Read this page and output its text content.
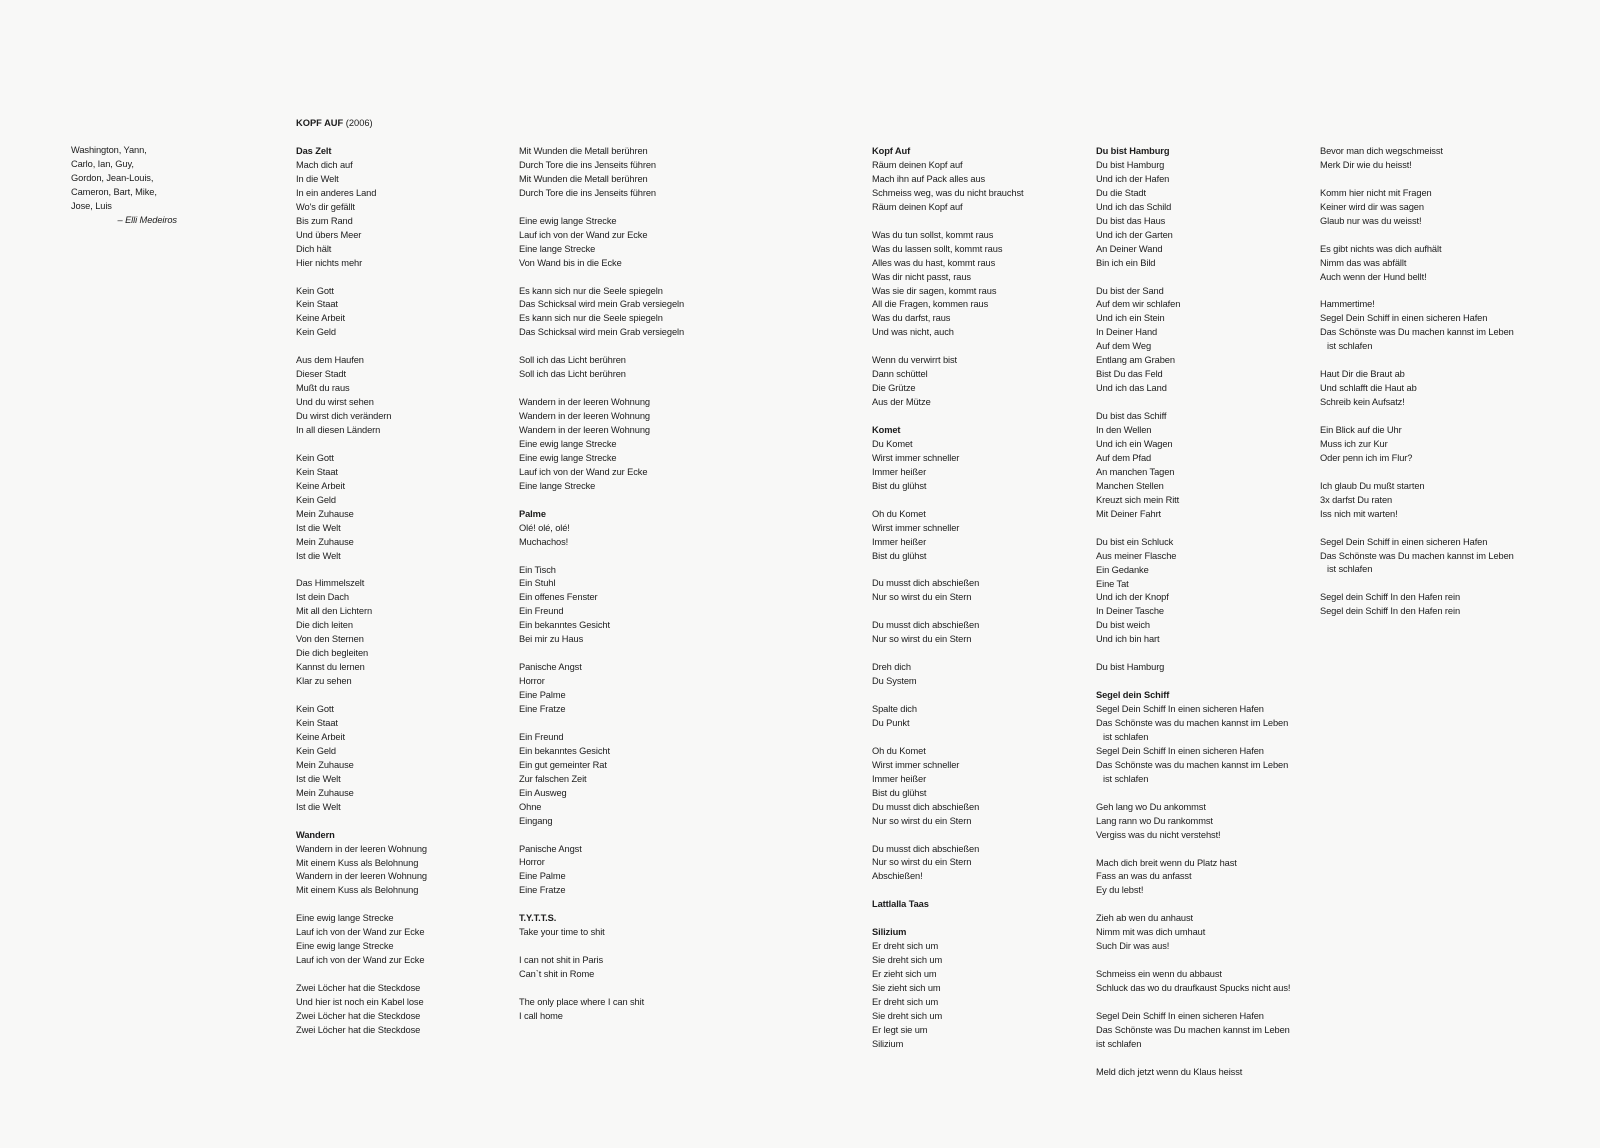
Washington, Yann,
Carlo, Ian, Guy,
Gordon, Jean-Louis,
Cameron, Bart, Mike,
Jose, Luis
– Elli Medeiros
KOPF AUF (2006)
Das Zelt
Mach dich auf
In die Welt
In ein anderes Land
Wo's dir gefällt
Bis zum Rand
Und übers Meer
Dich hält
Hier nichts mehr
Kein Gott
Kein Staat
Keine Arbeit
Kein Geld
Aus dem Haufen
Dieser Stadt
Mußt du raus
Und du wirst sehen
Du wirst dich verändern
In all diesen Ländern
Kein Gott
Kein Staat
Keine Arbeit
Kein Geld
Mein Zuhause
Ist die Welt
Mein Zuhause
Ist die Welt
Das Himmelszelt
Ist dein Dach
Mit all den Lichtern
Die dich leiten
Von den Sternen
Die dich begleiten
Kannst du lernen
Klar zu sehen
Kein Gott
Kein Staat
Keine Arbeit
Kein Geld
Mein Zuhause
Ist die Welt
Mein Zuhause
Ist die Welt
Wandern
Wandern in der leeren Wohnung
Mit einem Kuss als Belohnung
Wandern in der leeren Wohnung
Mit einem Kuss als Belohnung
Eine ewig lange Strecke
Lauf ich von der Wand zur Ecke
Eine ewig lange Strecke
Lauf ich von der Wand zur Ecke
Zwei Löcher hat die Steckdose
Und hier ist noch ein Kabel lose
Zwei Löcher hat die Steckdose
Zwei Löcher hat die Steckdose
Mit Wunden die Metall berühren
Durch Tore die ins Jenseits führen
Mit Wunden die Metall berühren
Durch Tore die ins Jenseits führen
Eine ewig lange Strecke
Lauf ich von der Wand zur Ecke
Eine lange Strecke
Von Wand bis in die Ecke
Es kann sich nur die Seele spiegeln
Das Schicksal wird mein Grab versiegeln
Es kann sich nur die Seele spiegeln
Das Schicksal wird mein Grab versiegeln
Soll ich das Licht berühren
Soll ich das Licht berühren
Wandern in der leeren Wohnung
Wandern in der leeren Wohnung
Wandern in der leeren Wohnung
Eine ewig lange Strecke
Eine ewig lange Strecke
Lauf ich von der Wand zur Ecke
Eine lange Strecke
Palme
Olé! olé, olé!
Muchachos!
Ein Tisch
Ein Stuhl
Ein offenes Fenster
Ein Freund
Ein bekanntes Gesicht
Bei mir zu Haus
Panische Angst
Horror
Eine Palme
Eine Fratze
Ein Freund
Ein bekanntes Gesicht
Ein gut gemeinter Rat
Zur falschen Zeit
Ein Ausweg
Ohne
Eingang
Panische Angst
Horror
Eine Palme
Eine Fratze
T.Y.T.T.S.
Take your time to shit
I can not shit in Paris
Can`t shit in Rome
The only place where I can shit
I call home
Kopf Auf
Räum deinen Kopf auf
Mach ihn auf Pack alles aus
Schmeiss weg, was du nicht brauchst
Räum deinen Kopf auf
Was du tun sollst, kommt raus
Was du lassen sollt, kommt raus
Alles was du hast, kommt raus
Was dir nicht passt, raus
Was sie dir sagen, kommt raus
All die Fragen, kommen raus
Was du darfst, raus
Und was nicht, auch
Wenn du verwirrt bist
Dann schüttel
Die Grütze
Aus der Mütze
Komet
Du Komet
Wirst immer schneller
Immer heißer
Bist du glühst
Oh du Komet
Wirst immer schneller
Immer heißer
Bist du glühst
Du musst dich abschießen
Nur so wirst du ein Stern
Du musst dich abschießen
Nur so wirst du ein Stern
Dreh dich
Du System
Spalte dich
Du Punkt
Oh du Komet
Wirst immer schneller
Immer heißer
Bist du glühst
Du musst dich abschießen
Nur so wirst du ein Stern
Du musst dich abschießen
Nur so wirst du ein Stern
Abschießen!
Lattlalla Taas
Silizium
Er dreht sich um
Sie dreht sich um
Er zieht sich um
Sie zieht sich um
Er dreht sich um
Sie dreht sich um
Er legt sie um
Silizium
Du bist Hamburg
Du bist Hamburg
Und ich der Hafen
Du die Stadt
Und ich das Schild
Du bist das Haus
Und ich der Garten
An Deiner Wand
Bin ich ein Bild
Du bist der Sand
Auf dem wir schlafen
Und ich ein Stein
In Deiner Hand
Auf dem Weg
Entlang am Graben
Bist Du das Feld
Und ich das Land
Du bist das Schiff
In den Wellen
Und ich ein Wagen
Auf dem Pfad
An manchen Tagen
Manchen Stellen
Kreuzt sich mein Ritt
Mit Deiner Fahrt
Du bist ein Schluck
Aus meiner Flasche
Ein Gedanke
Eine Tat
Und ich der Knopf
In Deiner Tasche
Du bist weich
Und ich bin hart
Du bist Hamburg
Segel dein Schiff
Segel Dein Schiff In einen sicheren Hafen
Das Schönste was du machen kannst im Leben
ist schlafen
Segel Dein Schiff In einen sicheren Hafen
Das Schönste was du machen kannst im Leben
ist schlafen
Geh lang wo Du ankommst
Lang rann wo Du rankommst
Vergiss was du nicht verstehst!
Mach dich breit wenn du Platz hast
Fass an was du anfasst
Ey du lebst!
Zieh ab wen du anhaust
Nimm mit was dich umhaut
Such Dir was aus!
Schmeiss ein wenn du abbaust
Schluck das wo du draufkaust Spucks nicht aus!
Segel Dein Schiff In einen sicheren Hafen
Das Schönste was Du machen kannst im Leben
ist schlafen
Meld dich jetzt wenn du Klaus heisst
Bevor man dich wegschmeisst
Merk Dir wie du heisst!
Komm hier nicht mit Fragen
Keiner wird dir was sagen
Glaub nur was du weisst!
Es gibt nichts was dich aufhält
Nimm das was abfällt
Auch wenn der Hund bellt!
Hammertime!
Segel Dein Schiff in einen sicheren Hafen
Das Schönste was Du machen kannst im Leben
ist schlafen
Haut Dir die Braut ab
Und schlafft die Haut ab
Schreib kein Aufsatz!
Ein Blick auf die Uhr
Muss ich zur Kur
Oder penn ich im Flur?
Ich glaub Du mußt starten
3x darfst Du raten
Iss nich mit warten!
Segel Dein Schiff in einen sicheren Hafen
Das Schönste was Du machen kannst im Leben
ist schlafen
Segel dein Schiff In den Hafen rein
Segel dein Schiff In den Hafen rein
